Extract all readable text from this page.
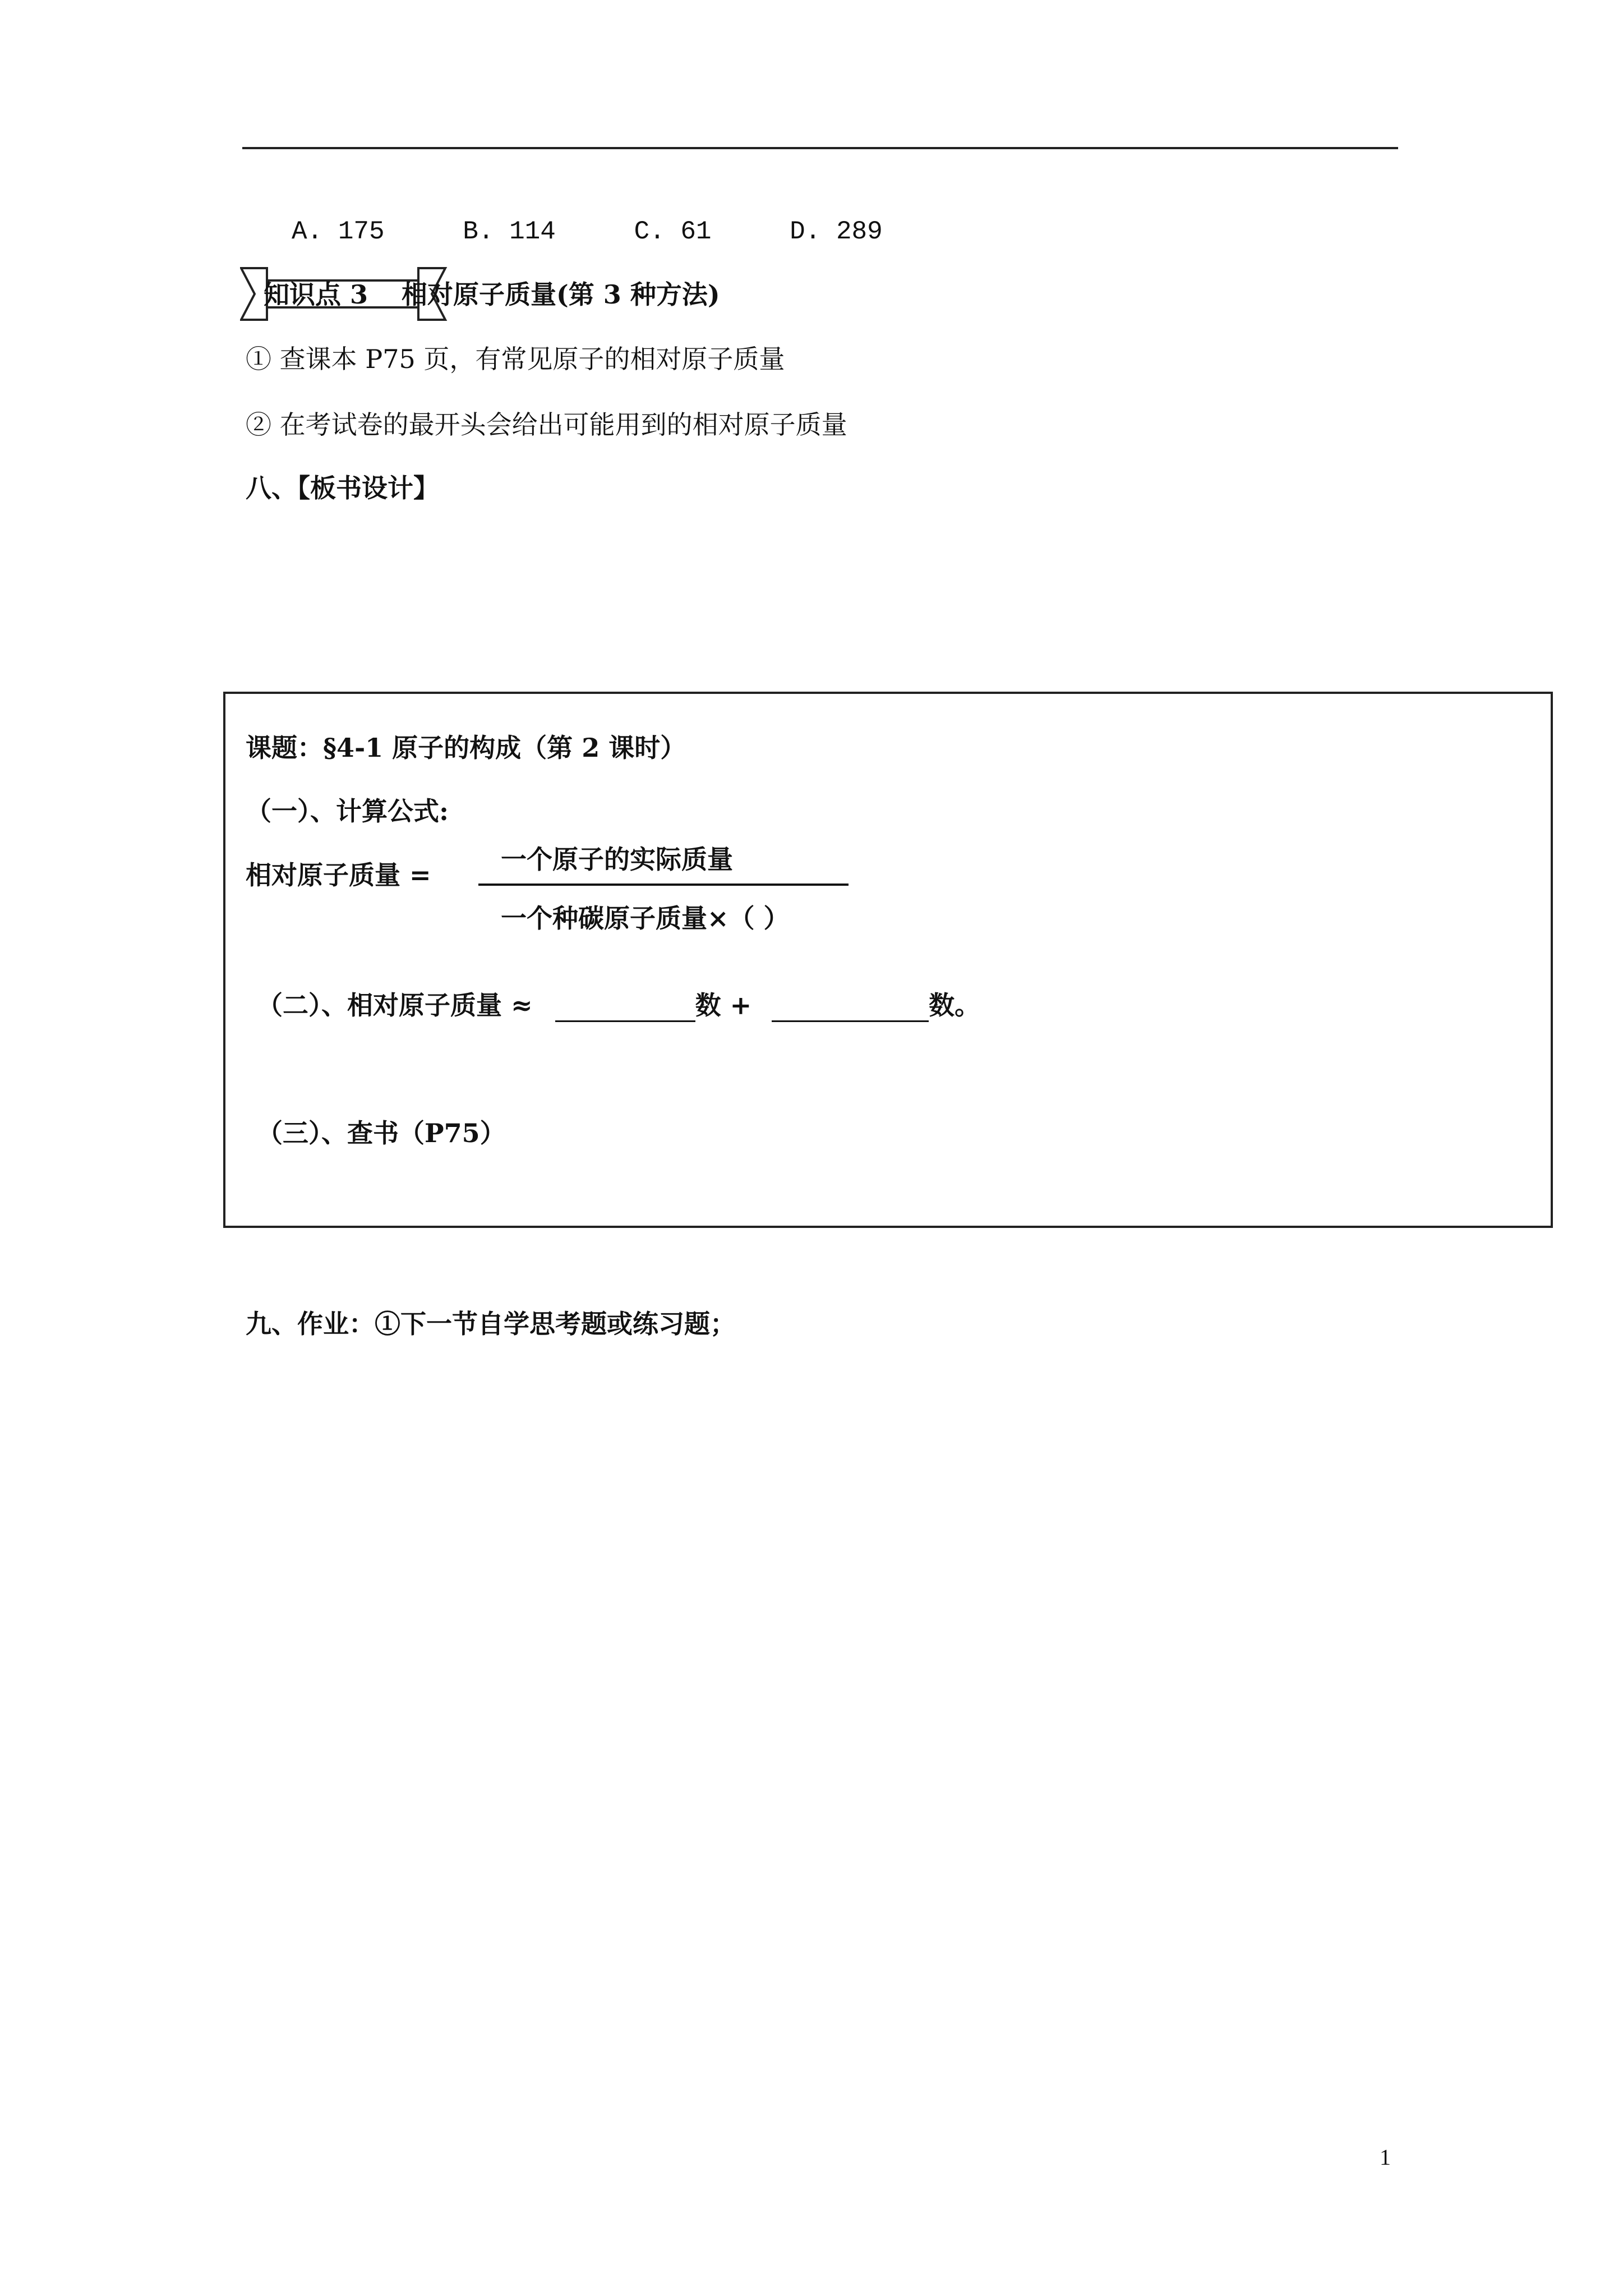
A. 175	B. 114	C. 61	D. 289
知识点 3 相对原子质量(第 3 种方法)
① 查课本 P75 页，有常见原子的相对原子质量
② 在考试卷的最开头会给出可能用到的相对原子质量
八、【板书设计】
课题：§4-1 原子的构成（第 2 课时）
（一）、计算公式:
相对原子质量 =
一个原子的实际质量
一个种碳原子质量×（ ）
（二）、相对原子质量 ≈	数 +	数。
（三）、查书（P75）
九、作业：①下一节自学思考题或练习题；
1
